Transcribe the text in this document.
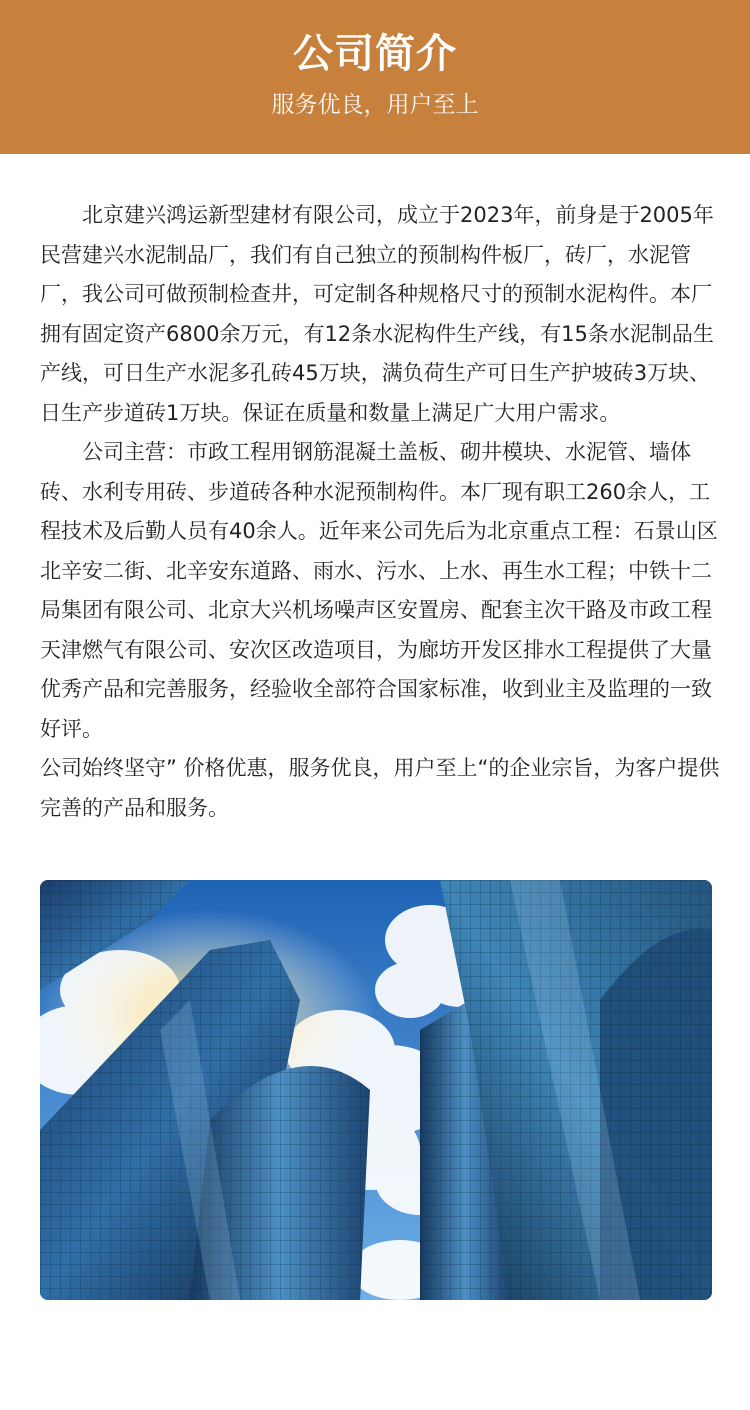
公司简介
服务优良，用户至上

北京建兴鸿运新型建材有限公司，成立于2023年，前身是于2005年民营建兴水泥制品厂，我们有自己独立的预制构件板厂，砖厂，水泥管厂，我公司可做预制检查井，可定制各种规格尺寸的预制水泥构件。本厂拥有固定资产6800余万元，有12条水泥构件生产线，有15条水泥制品生产线，可日生产水泥多孔砖45万块，满负荷生产可日生产护坡砖3万块、日生产步道砖1万块。保证在质量和数量上满足广大用户需求。

公司主营：市政工程用钢筋混凝土盖板、砌井模块、水泥管、墙体砖、水利专用砖、步道砖各种水泥预制构件。本厂现有职工260余人，工程技术及后勤人员有40余人。近年来公司先后为北京重点工程：石景山区北辛安二街、北辛安东道路、雨水、污水、上水、再生水工程；中铁十二局集团有限公司、北京大兴机场噪声区安置房、配套主次干路及市政工程天津燃气有限公司、安次区改造项目，为廊坊开发区排水工程提供了大量优秀产品和完善服务，经验收全部符合国家标准，收到业主及监理的一致好评。

公司始终坚守” 价格优惠，服务优良，用户至上“的企业宗旨，为客户提供完善的产品和服务。
